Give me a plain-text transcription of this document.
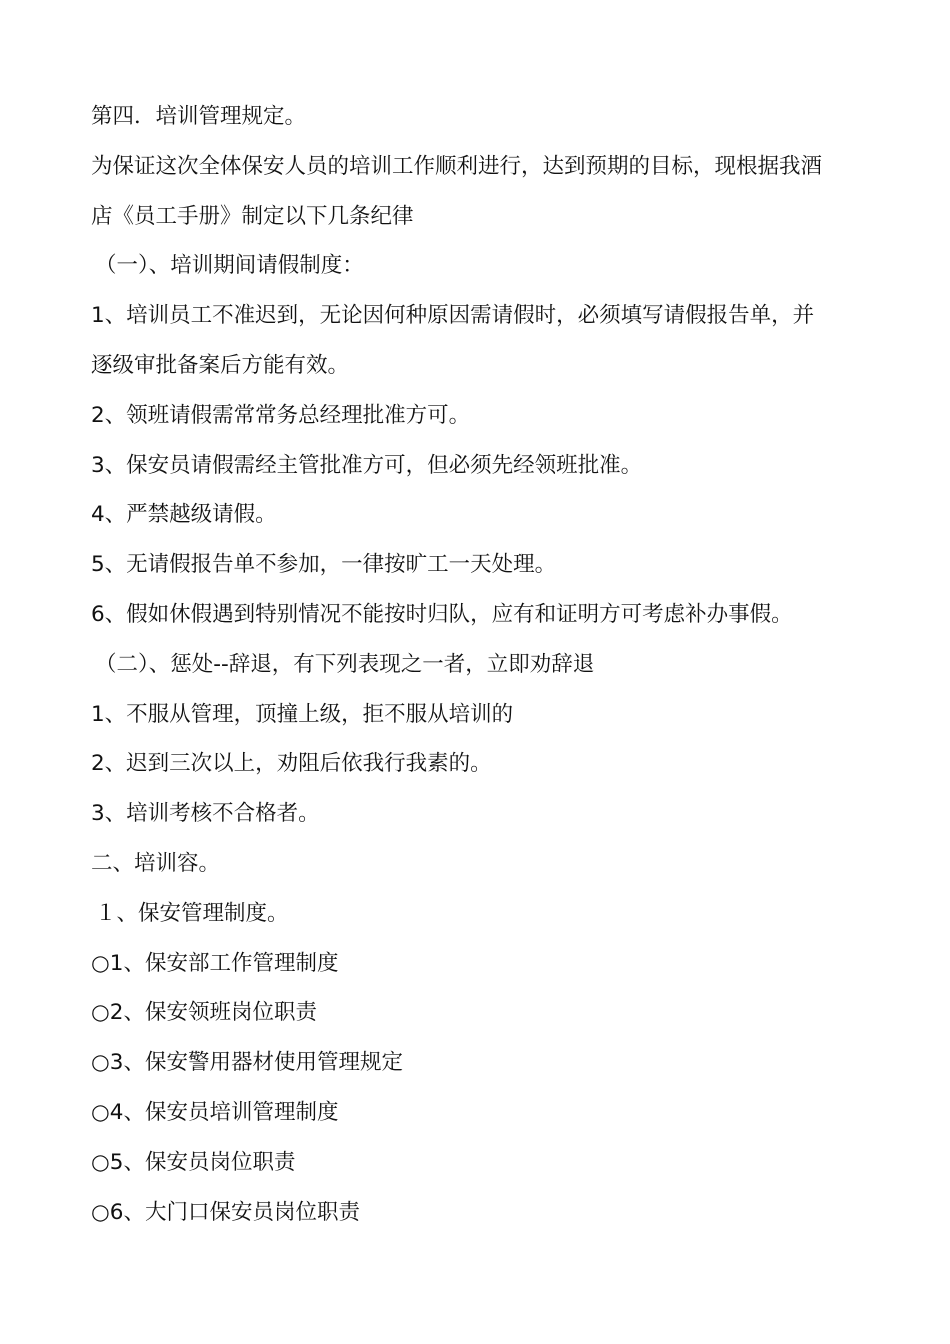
第四．培训管理规定。
为保证这次全体保安人员的培训工作顺利进行，达到预期的目标，现根据我酒
店《员工手册》制定以下几条纪律
（一）、培训期间请假制度：
1、培训员工不准迟到，无论因何种原因需请假时，必须填写请假报告单，并
逐级审批备案后方能有效。
2、领班请假需常常务总经理批准方可。
3、保安员请假需经主管批准方可，但必须先经领班批准。
4、严禁越级请假。
5、无请假报告单不参加，一律按旷工一天处理。
6、假如休假遇到特别情况不能按时归队，应有和证明方可考虑补办事假。
（二）、惩处--辞退，有下列表现之一者，立即劝辞退
1、不服从管理，顶撞上级，拒不服从培训的
2、迟到三次以上，劝阻后依我行我素的。
3、培训考核不合格者。
二、培训容。
１、保安管理制度。
○1、保安部工作管理制度
○2、保安领班岗位职责
○3、保安警用器材使用管理规定
○4、保安员培训管理制度
○5、保安员岗位职责
○6、大门口保安员岗位职责
